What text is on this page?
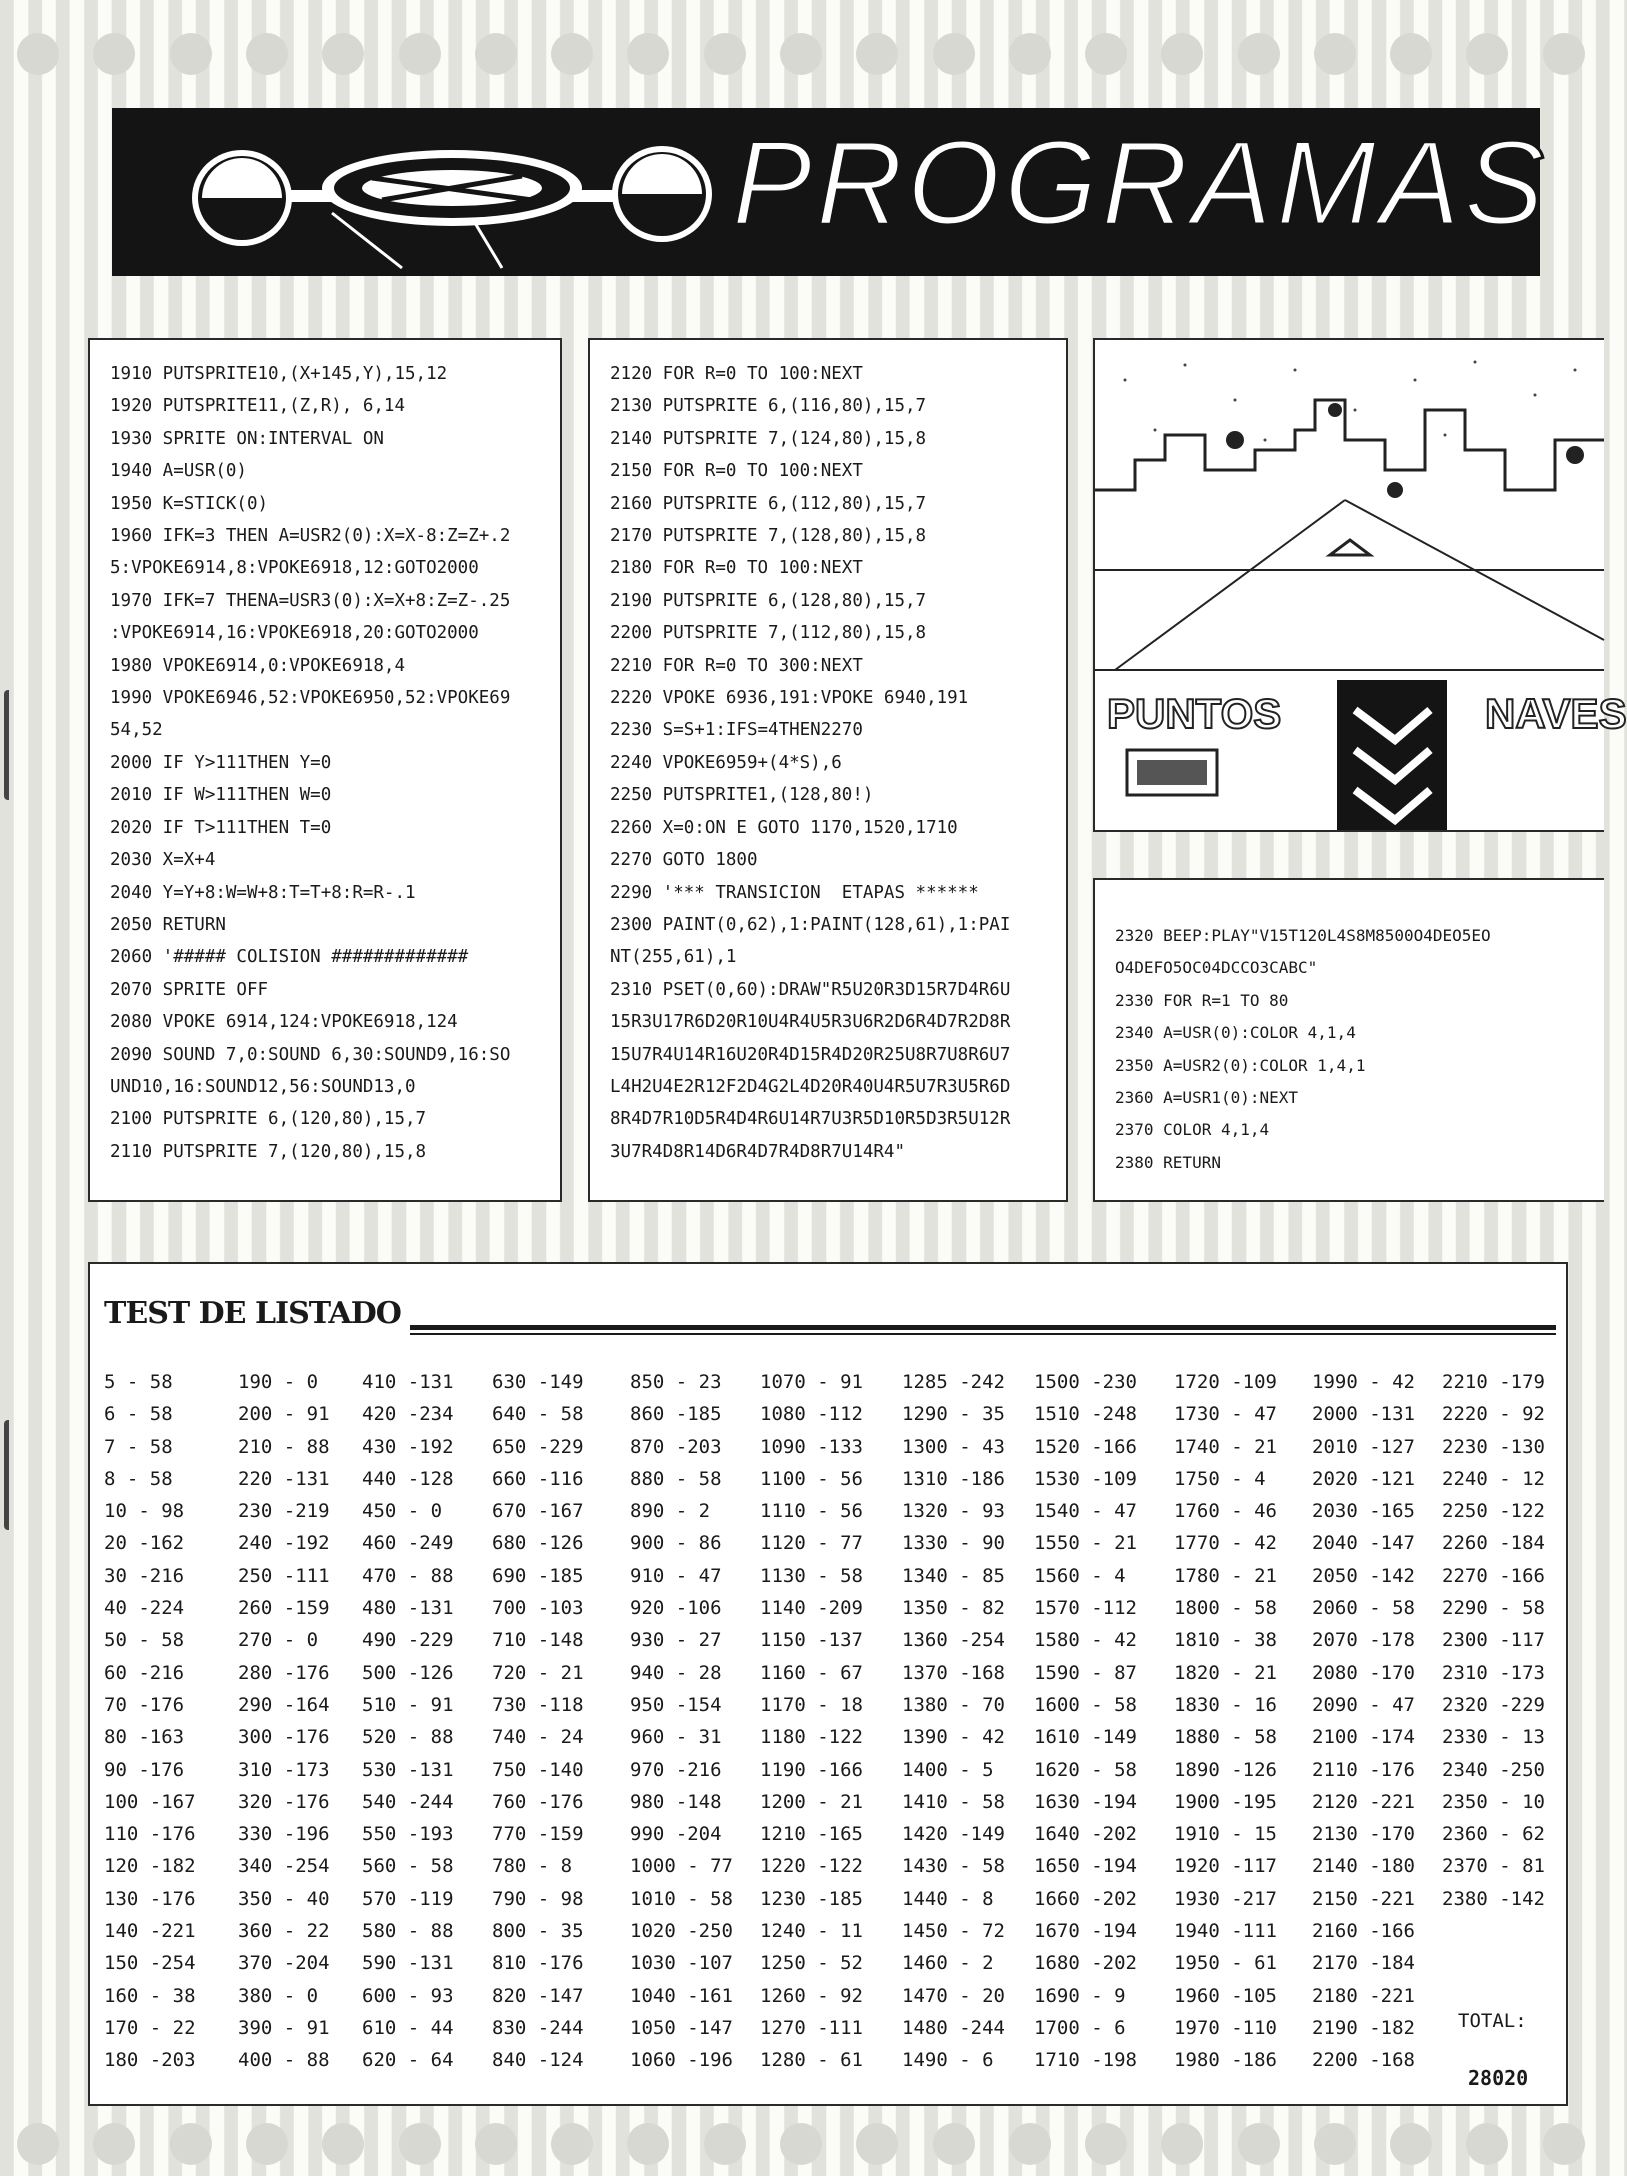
PROGRAMAS
1910 PUTSPRITE10,(X+145,Y),15,12
1920 PUTSPRITE11,(Z,R), 6,14
1930 SPRITE ON:INTERVAL ON
1940 A=USR(0)
1950 K=STICK(0)
1960 IFK=3 THEN A=USR2(0):X=X-8:Z=Z+.2
5:VPOKE6914,8:VPOKE6918,12:GOTO2000
1970 IFK=7 THENA=USR3(0):X=X+8:Z=Z-.25
:VPOKE6914,16:VPOKE6918,20:GOTO2000
1980 VPOKE6914,0:VPOKE6918,4
1990 VPOKE6946,52:VPOKE6950,52:VPOKE69
54,52
2000 IF Y>111THEN Y=0
2010 IF W>111THEN W=0
2020 IF T>111THEN T=0
2030 X=X+4
2040 Y=Y+8:W=W+8:T=T+8:R=R-.1
2050 RETURN
2060 '##### COLISION #############
2070 SPRITE OFF
2080 VPOKE 6914,124:VPOKE6918,124
2090 SOUND 7,0:SOUND 6,30:SOUND9,16:SO
UND10,16:SOUND12,56:SOUND13,0
2100 PUTSPRITE 6,(120,80),15,7
2110 PUTSPRITE 7,(120,80),15,8
2120 FOR R=0 TO 100:NEXT
2130 PUTSPRITE 6,(116,80),15,7
2140 PUTSPRITE 7,(124,80),15,8
2150 FOR R=0 TO 100:NEXT
2160 PUTSPRITE 6,(112,80),15,7
2170 PUTSPRITE 7,(128,80),15,8
2180 FOR R=0 TO 100:NEXT
2190 PUTSPRITE 6,(128,80),15,7
2200 PUTSPRITE 7,(112,80),15,8
2210 FOR R=0 TO 300:NEXT
2220 VPOKE 6936,191:VPOKE 6940,191
2230 S=S+1:IFS=4THEN2270
2240 VPOKE6959+(4*S),6
2250 PUTSPRITE1,(128,80!)
2260 X=0:ON E GOTO 1170,1520,1710
2270 GOTO 1800
2290 '*** TRANSICION  ETAPAS ******
2300 PAINT(0,62),1:PAINT(128,61),1:PAI
NT(255,61),1
2310 PSET(0,60):DRAW"R5U20R3D15R7D4R6U
15R3U17R6D20R10U4R4U5R3U6R2D6R4D7R2D8R
15U7R4U14R16U20R4D15R4D20R25U8R7U8R6U7
L4H2U4E2R12F2D4G2L4D20R40U4R5U7R3U5R6D
8R4D7R10D5R4D4R6U14R7U3R5D10R5D3R5U12R
3U7R4D8R14D6R4D7R4D8R7U14R4"
PUNTOS	NAVES
2320 BEEP:PLAY"V15T120L4S8M8500O4DEO5EO
O4DEFO5OC04DCCO3CABC"
2330 FOR R=1 TO 80
2340 A=USR(0):COLOR 4,1,4
2350 A=USR2(0):COLOR 1,4,1
2360 A=USR1(0):NEXT
2370 COLOR 4,1,4
2380 RETURN
TEST DE LISTADO
5 - 58
6 - 58
7 - 58
8 - 58
10 - 98
20 -162
30 -216
40 -224
50 - 58
60 -216
70 -176
80 -163
90 -176
100 -167
110 -176
120 -182
130 -176
140 -221
150 -254
160 - 38
170 - 22
180 -203
190 - 0
200 - 91
210 - 88
220 -131
230 -219
240 -192
250 -111
260 -159
270 - 0
280 -176
290 -164
300 -176
310 -173
320 -176
330 -196
340 -254
350 - 40
360 - 22
370 -204
380 - 0
390 - 91
400 - 88
410 -131
420 -234
430 -192
440 -128
450 - 0
460 -249
470 - 88
480 -131
490 -229
500 -126
510 - 91
520 - 88
530 -131
540 -244
550 -193
560 - 58
570 -119
580 - 88
590 -131
600 - 93
610 - 44
620 - 64
630 -149
640 - 58
650 -229
660 -116
670 -167
680 -126
690 -185
700 -103
710 -148
720 - 21
730 -118
740 - 24
750 -140
760 -176
770 -159
780 - 8
790 - 98
800 - 35
810 -176
820 -147
830 -244
840 -124
850 - 23
860 -185
870 -203
880 - 58
890 - 2
900 - 86
910 - 47
920 -106
930 - 27
940 - 28
950 -154
960 - 31
970 -216
980 -148
990 -204
1000 - 77
1010 - 58
1020 -250
1030 -107
1040 -161
1050 -147
1060 -196
1070 - 91
1080 -112
1090 -133
1100 - 56
1110 - 56
1120 - 77
1130 - 58
1140 -209
1150 -137
1160 - 67
1170 - 18
1180 -122
1190 -166
1200 - 21
1210 -165
1220 -122
1230 -185
1240 - 11
1250 - 52
1260 - 92
1270 -111
1280 - 61
1285 -242
1290 - 35
1300 - 43
1310 -186
1320 - 93
1330 - 90
1340 - 85
1350 - 82
1360 -254
1370 -168
1380 - 70
1390 - 42
1400 - 5
1410 - 58
1420 -149
1430 - 58
1440 - 8
1450 - 72
1460 - 2
1470 - 20
1480 -244
1490 - 6
1500 -230
1510 -248
1520 -166
1530 -109
1540 - 47
1550 - 21
1560 - 4
1570 -112
1580 - 42
1590 - 87
1600 - 58
1610 -149
1620 - 58
1630 -194
1640 -202
1650 -194
1660 -202
1670 -194
1680 -202
1690 - 9
1700 - 6
1710 -198
1720 -109
1730 - 47
1740 - 21
1750 - 4
1760 - 46
1770 - 42
1780 - 21
1800 - 58
1810 - 38
1820 - 21
1830 - 16
1880 - 58
1890 -126
1900 -195
1910 - 15
1920 -117
1930 -217
1940 -111
1950 - 61
1960 -105
1970 -110
1980 -186
1990 - 42
2000 -131
2010 -127
2020 -121
2030 -165
2040 -147
2050 -142
2060 - 58
2070 -178
2080 -170
2090 - 47
2100 -174
2110 -176
2120 -221
2130 -170
2140 -180
2150 -221
2160 -166
2170 -184
2180 -221
2190 -182
2200 -168
2210 -179
2220 - 92
2230 -130
2240 - 12
2250 -122
2260 -184
2270 -166
2290 - 58
2300 -117
2310 -173
2320 -229
2330 - 13
2340 -250
2350 - 10
2360 - 62
2370 - 81
2380 -142
TOTAL:
28020
